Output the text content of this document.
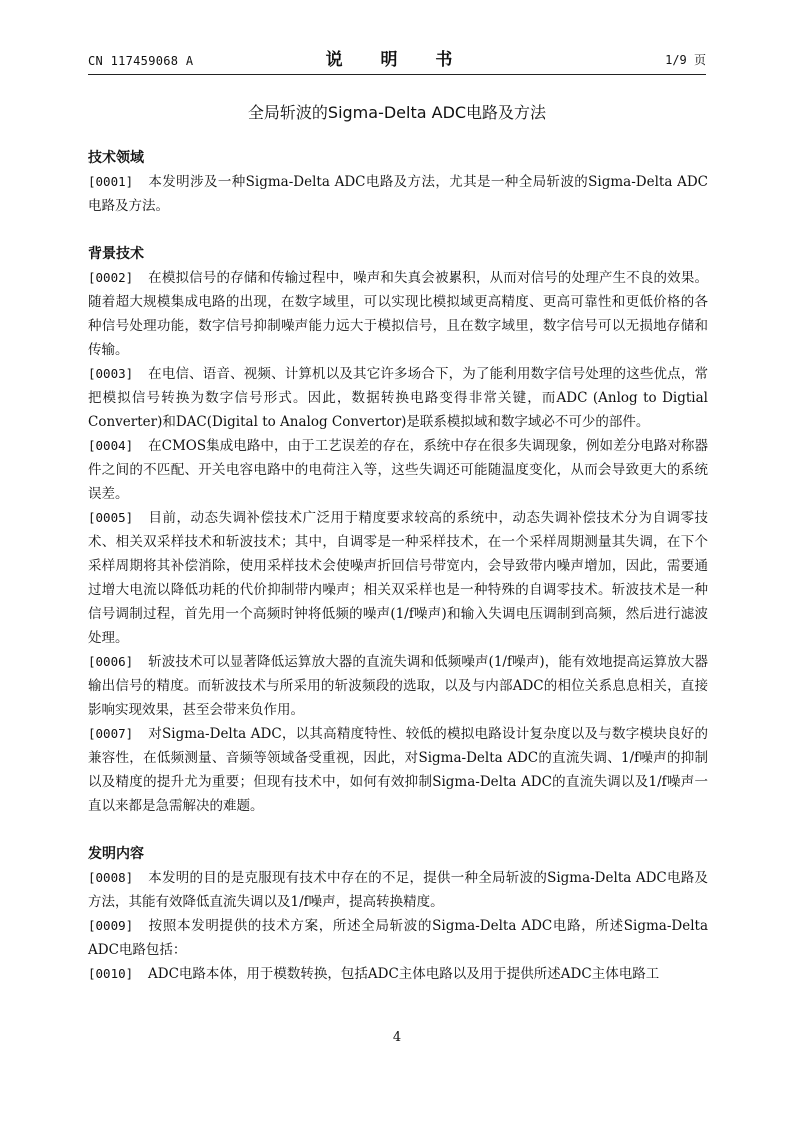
CN 117459068 A	说 明 书	1/9 页
全局斩波的Sigma-Delta ADC电路及方法
技术领域

[0001] 本发明涉及一种Sigma-Delta ADC电路及方法，尤其是一种全局斩波的Sigma-Delta ADC电路及方法。

背景技术

[0002] 在模拟信号的存储和传输过程中，噪声和失真会被累积，从而对信号的处理产生不良的效果。随着超大规模集成电路的出现，在数字域里，可以实现比模拟域更高精度、更高可靠性和更低价格的各种信号处理功能，数字信号抑制噪声能力远大于模拟信号，且在数字域里，数字信号可以无损地存储和传输。

[0003] 在电信、语音、视频、计算机以及其它许多场合下，为了能利用数字信号处理的这些优点，常把模拟信号转换为数字信号形式。因此，数据转换电路变得非常关键，而ADC (Anlog to Digtial Converter)和DAC(Digital to Analog Convertor)是联系模拟域和数字域必不可少的部件。

[0004] 在CMOS集成电路中，由于工艺误差的存在，系统中存在很多失调现象，例如差分电路对称器件之间的不匹配、开关电容电路中的电荷注入等，这些失调还可能随温度变化，从而会导致更大的系统误差。

[0005] 目前，动态失调补偿技术广泛用于精度要求较高的系统中，动态失调补偿技术分为自调零技术、相关双采样技术和斩波技术；其中，自调零是一种采样技术，在一个采样周期测量其失调，在下个采样周期将其补偿消除，使用采样技术会使噪声折回信号带宽内，会导致带内噪声增加，因此，需要通过增大电流以降低功耗的代价抑制带内噪声；相关双采样也是一种特殊的自调零技术。斩波技术是一种信号调制过程，首先用一个高频时钟将低频的噪声(1/f噪声)和输入失调电压调制到高频，然后进行滤波处理。

[0006] 斩波技术可以显著降低运算放大器的直流失调和低频噪声(1/f噪声)，能有效地提高运算放大器输出信号的精度。而斩波技术与所采用的斩波频段的选取，以及与内部ADC的相位关系息息相关，直接影响实现效果，甚至会带来负作用。

[0007] 对Sigma-Delta ADC，以其高精度特性、较低的模拟电路设计复杂度以及与数字模块良好的兼容性，在低频测量、音频等领域备受重视，因此，对Sigma-Delta ADC的直流失调、1/f噪声的抑制以及精度的提升尤为重要；但现有技术中，如何有效抑制Sigma-Delta ADC的直流失调以及1/f噪声一直以来都是急需解决的难题。

发明内容

[0008] 本发明的目的是克服现有技术中存在的不足，提供一种全局斩波的Sigma-Delta ADC电路及方法，其能有效降低直流失调以及1/f噪声，提高转换精度。

[0009] 按照本发明提供的技术方案，所述全局斩波的Sigma-Delta ADC电路，所述Sigma-Delta ADC电路包括：

[0010] ADC电路本体，用于模数转换，包括ADC主体电路以及用于提供所述ADC主体电路工

4
